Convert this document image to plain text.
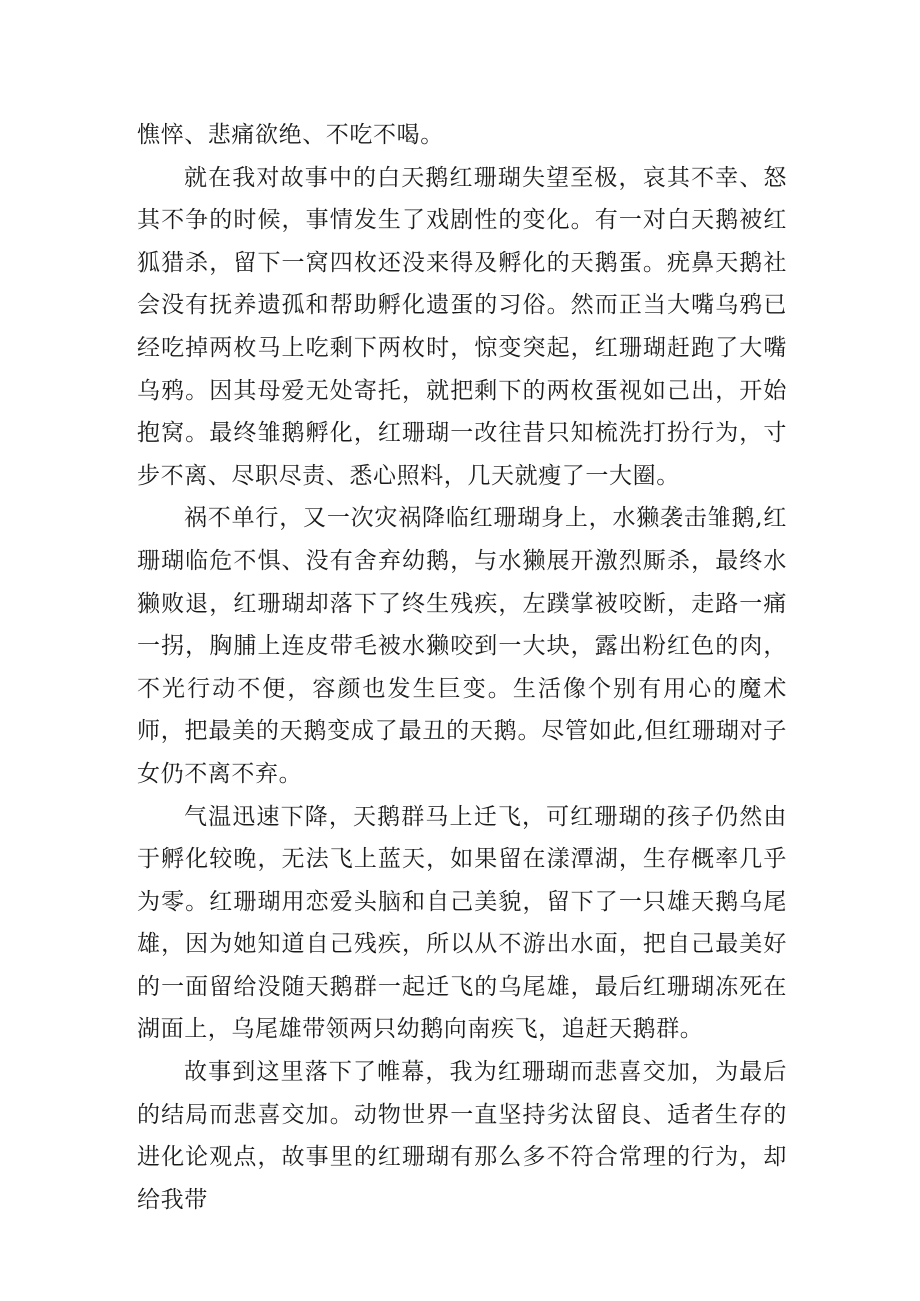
憔悴、悲痛欲绝、不吃不喝。

就在我对故事中的白天鹅红珊瑚失望至极，哀其不幸、怒其不争的时候，事情发生了戏剧性的变化。有一对白天鹅被红狐猎杀，留下一窝四枚还没来得及孵化的天鹅蛋。疣鼻天鹅社会没有抚养遗孤和帮助孵化遗蛋的习俗。然而正当大嘴乌鸦已经吃掉两枚马上吃剩下两枚时，惊变突起，红珊瑚赶跑了大嘴乌鸦。因其母爱无处寄托，就把剩下的两枚蛋视如己出，开始抱窝。最终雏鹅孵化，红珊瑚一改往昔只知梳洗打扮行为，寸步不离、尽职尽责、悉心照料，几天就瘦了一大圈。

祸不单行，又一次灾祸降临红珊瑚身上，水獭袭击雏鹅,红珊瑚临危不惧、没有舍弃幼鹅，与水獭展开激烈厮杀，最终水獭败退，红珊瑚却落下了终生残疾，左蹼掌被咬断，走路一痛一拐，胸脯上连皮带毛被水獭咬到一大块，露出粉红色的肉，不光行动不便，容颜也发生巨变。生活像个别有用心的魔术师，把最美的天鹅变成了最丑的天鹅。尽管如此,但红珊瑚对子女仍不离不弃。

气温迅速下降，天鹅群马上迁飞，可红珊瑚的孩子仍然由于孵化较晚，无法飞上蓝天，如果留在漾潭湖，生存概率几乎为零。红珊瑚用恋爱头脑和自己美貌，留下了一只雄天鹅乌尾雄，因为她知道自己残疾，所以从不游出水面，把自己最美好的一面留给没随天鹅群一起迁飞的乌尾雄，最后红珊瑚冻死在湖面上，乌尾雄带领两只幼鹅向南疾飞，追赶天鹅群。

故事到这里落下了帷幕，我为红珊瑚而悲喜交加，为最后的结局而悲喜交加。动物世界一直坚持劣汰留良、适者生存的进化论观点，故事里的红珊瑚有那么多不符合常理的行为，却给我带
